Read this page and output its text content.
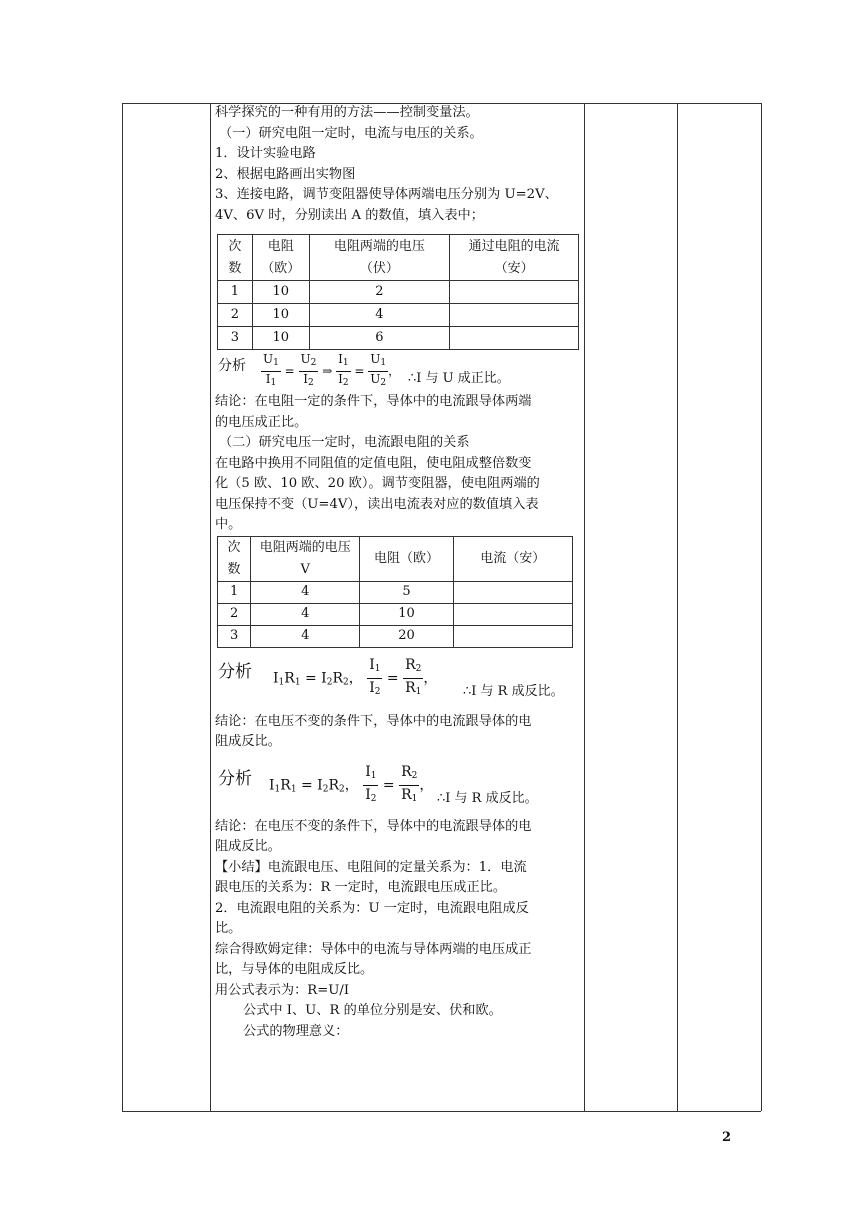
科学探究的一种有用的方法——控制变量法。

（一）研究电阻一定时，电流与电压的关系。

1．设计实验电路

2、根据电路画出实物图

3、连接电路，调节变阻器使导体两端电压分别为 U=2V、

4V、6V 时，分别读出 A 的数值，填入表中；

次数	电阻（欧）	电阻两端的电压（伏）	通过电阻的电流（安）
1	10	2	
2	10	4	
3	10	6	
分析 $\frac{U_1}{I_1} = \frac{U_2}{I_2}$ ⇒ $\frac{I_1}{I_2} = \frac{U_1}{U_2}$ ， ∴I 与 U 成正比。

结论：在电阻一定的条件下，导体中的电流跟导体两端

的电压成正比。

（二）研究电压一定时，电流跟电阻的关系

在电路中换用不同阻值的定值电阻，使电阻成整倍数变

化（5 欧、10 欧、20 欧）。调节变阻器，使电阻两端的

电压保持不变（U=4V），读出电流表对应的数值填入表

中。

次数	电阻两端的电压V	电阻（欧）	电流（安）
1	4	5	
2	4	10	
3	4	20	
分析 $I_1R_1 = I_2R_2$， $\frac{I_1}{I_2} = \frac{R_2}{R_1}$ ，
∴I 与 R 成反比。

结论：在电压不变的条件下，导体中的电流跟导体的电

阻成反比。

分析 $I_1R_1 = I_2R_2$， $\frac{I_1}{I_2} = \frac{R_2}{R_1}$ ，
∴I 与 R 成反比。

结论：在电压不变的条件下，导体中的电流跟导体的电

阻成反比。

【小结】电流跟电压、电阻间的定量关系为：1．电流

跟电压的关系为：R 一定时，电流跟电压成正比。

2．电流跟电阻的关系为：U 一定时，电流跟电阻成反

比。

综合得欧姆定律：导体中的电流与导体两端的电压成正

比，与导体的电阻成反比。

用公式表示为：R=U/I

公式中 I、U、R 的单位分别是安、伏和欧。

公式的物理意义：

2
